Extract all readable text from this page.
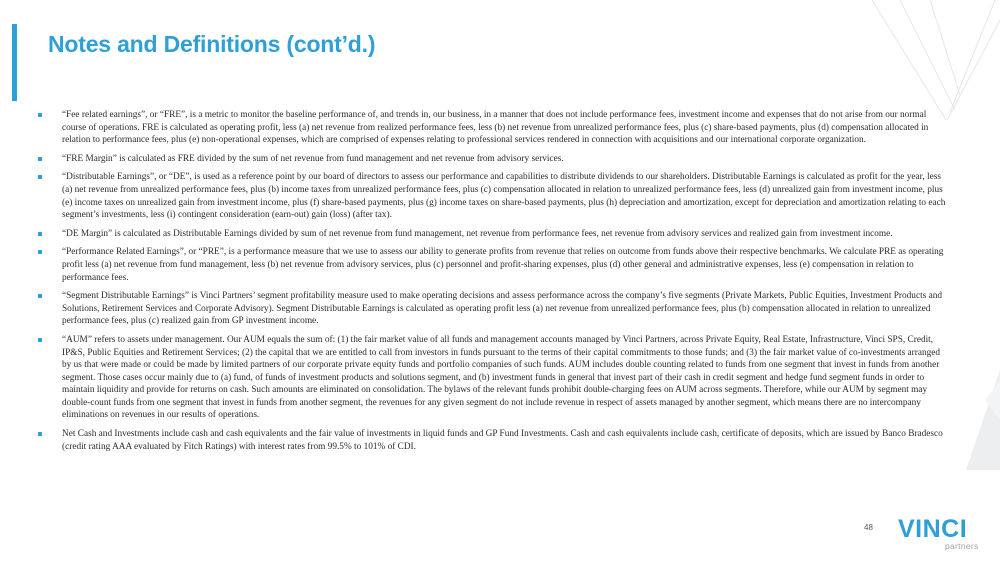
Notes and Definitions (cont’d.)
“Fee related earnings”, or “FRE”, is a metric to monitor the baseline performance of, and trends in, our business, in a manner that does not include performance fees, investment income and expenses that do not arise from our normal course of operations. FRE is calculated as operating profit, less (a) net revenue from realized performance fees, less (b) net revenue from unrealized performance fees, plus (c) share-based payments, plus (d) compensation allocated in relation to performance fees, plus (e) non-operational expenses, which are comprised of expenses relating to professional services rendered in connection with acquisitions and our international corporate organization.
“FRE Margin” is calculated as FRE divided by the sum of net revenue from fund management and net revenue from advisory services.
“Distributable Earnings”, or “DE”, is used as a reference point by our board of directors to assess our performance and capabilities to distribute dividends to our shareholders. Distributable Earnings is calculated as profit for the year, less (a) net revenue from unrealized performance fees, plus (b) income taxes from unrealized performance fees, plus (c) compensation allocated in relation to unrealized performance fees, less (d) unrealized gain from investment income, plus (e) income taxes on unrealized gain from investment income, plus (f) share-based payments, plus (g) income taxes on share-based payments, plus (h) depreciation and amortization, except for depreciation and amortization relating to each segment’s investments, less (i) contingent consideration (earn-out) gain (loss) (after tax).
“DE Margin” is calculated as Distributable Earnings divided by sum of net revenue from fund management, net revenue from performance fees, net revenue from advisory services and realized gain from investment income.
“Performance Related Earnings”, or “PRE”, is a performance measure that we use to assess our ability to generate profits from revenue that relies on outcome from funds above their respective benchmarks. We calculate PRE as operating profit less (a) net revenue from fund management, less (b) net revenue from advisory services, plus (c) personnel and profit-sharing expenses, plus (d) other general and administrative expenses, less (e) compensation in relation to performance fees.
“Segment Distributable Earnings” is Vinci Partners’ segment profitability measure used to make operating decisions and assess performance across the company’s five segments (Private Markets, Public Equities, Investment Products and Solutions, Retirement Services and Corporate Advisory). Segment Distributable Earnings is calculated as operating profit less (a) net revenue from unrealized performance fees, plus (b) compensation allocated in relation to unrealized performance fees, plus (c) realized gain from GP investment income.
“AUM” refers to assets under management. Our AUM equals the sum of: (1) the fair market value of all funds and management accounts managed by Vinci Partners, across Private Equity, Real Estate, Infrastructure, Vinci SPS, Credit, IP&S, Public Equities and Retirement Services; (2) the capital that we are entitled to call from investors in funds pursuant to the terms of their capital commitments to those funds; and (3) the fair market value of co-investments arranged by us that were made or could be made by limited partners of our corporate private equity funds and portfolio companies of such funds. AUM includes double counting related to funds from one segment that invest in funds from another segment. Those cases occur mainly due to (a) fund, of funds of investment products and solutions segment, and (b) investment funds in general that invest part of their cash in credit segment and hedge fund segment funds in order to maintain liquidity and provide for returns on cash. Such amounts are eliminated on consolidation. The bylaws of the relevant funds prohibit double-charging fees on AUM across segments. Therefore, while our AUM by segment may double-count funds from one segment that invest in funds from another segment, the revenues for any given segment do not include revenue in respect of assets managed by another segment, which means there are no intercompany eliminations on revenues in our results of operations.
Net Cash and Investments include cash and cash equivalents and the fair value of investments in liquid funds and GP Fund Investments. Cash and cash equivalents include cash, certificate of deposits, which are issued by Banco Bradesco (credit rating AAA evaluated by Fitch Ratings) with interest rates from 99.5% to 101% of CDI.
48 VINCI
partners
